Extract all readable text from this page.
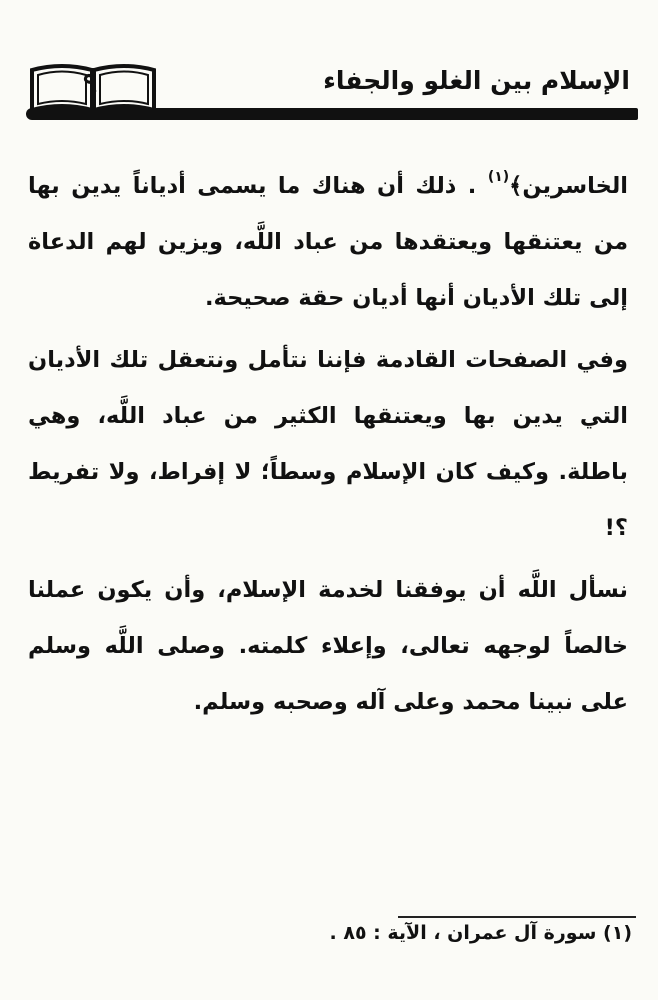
٩	الإسلام بين الغلو والجفاء

الخاسرين﴾$^{(١)}$ . ذلك أن هناك ما يسمى أدياناً يدين بها من يعتنقها ويعتقدها من عباد اللَّه، ويزين لهم الدعاة إلى تلك الأديان أنها أديان حقة صحيحة.

وفي الصفحات القادمة فإننا نتأمل ونتعقل تلك الأديان التي يدين بها ويعتنقها الكثير من عباد اللَّه، وهي باطلة. وكيف كان الإسلام وسطاً؛ لا إفراط، ولا تفريط ؟!

نسأل اللَّه أن يوفقنا لخدمة الإسلام، وأن يكون عملنا خالصاً لوجهه تعالى، وإعلاء كلمته. وصلى اللَّه وسلم على نبينا محمد وعلى آله وصحبه وسلم.

(١) سورة آل عمران ، الآية : ٨٥ .
